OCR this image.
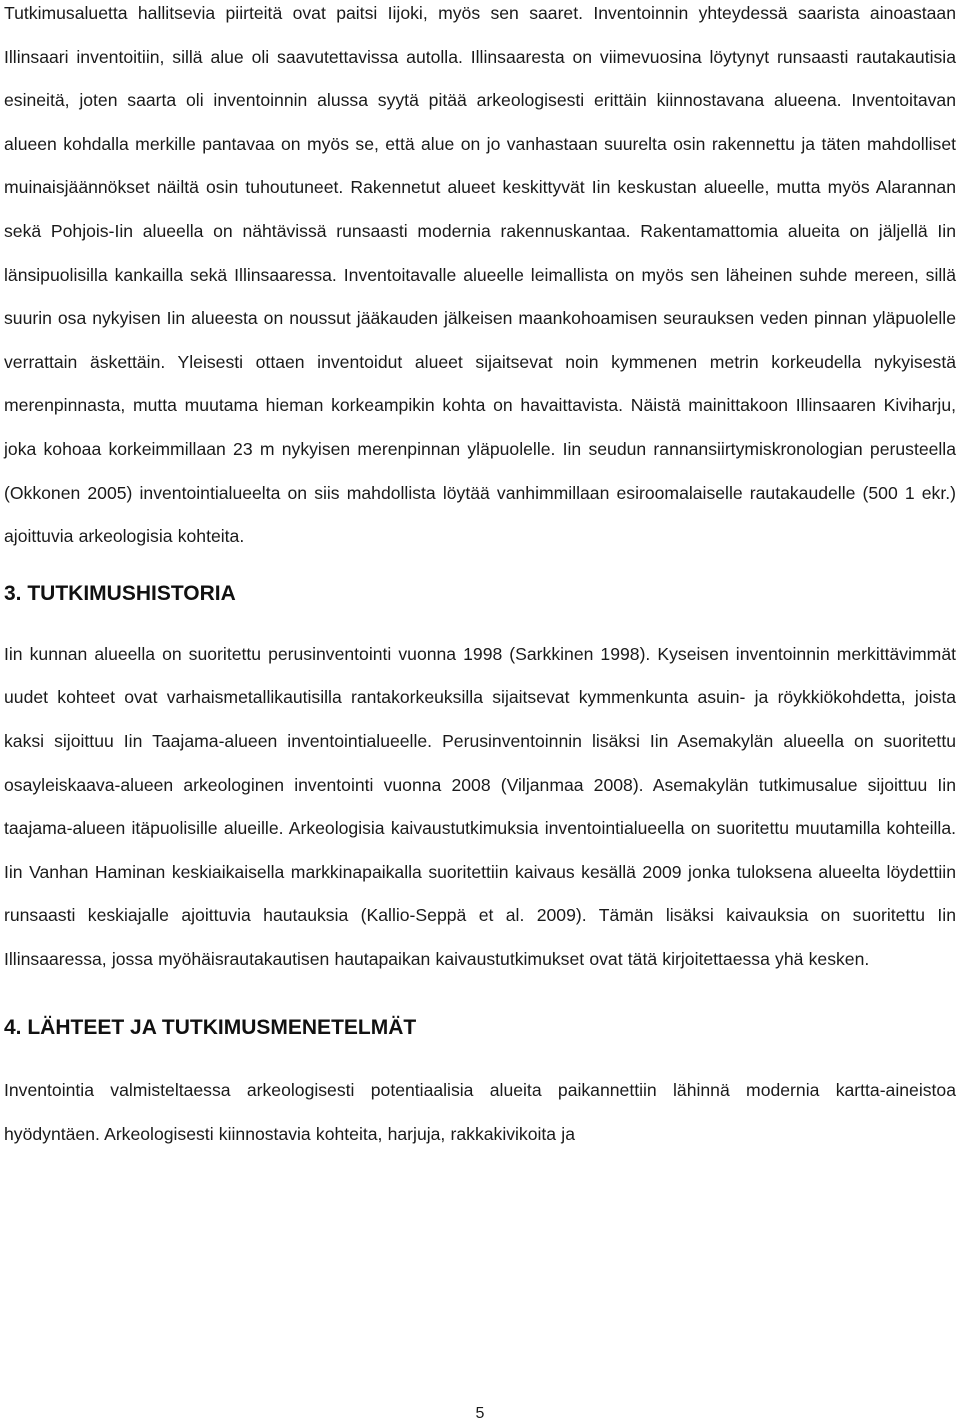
Tutkimusaluetta hallitsevia piirteitä ovat paitsi Iijoki, myös sen saaret. Inventoinnin yhteydessä saarista ainoastaan Illinsaari inventoitiin, sillä alue oli saavutettavissa autolla. Illinsaaresta on viimevuosina löytynyt runsaasti rautakautisia esineitä, joten saarta oli inventoinnin alussa syytä pitää arkeologisesti erittäin kiinnostavana alueena. Inventoitavan alueen kohdalla merkille pantavaa on myös se, että alue on jo vanhastaan suurelta osin rakennettu ja täten mahdolliset muinaisjäännökset näiltä osin tuhoutuneet. Rakennetut alueet keskittyvät Iin keskustan alueelle, mutta myös Alarannan sekä Pohjois-Iin alueella on nähtävissä runsaasti modernia rakennuskantaa. Rakentamattomia alueita on jäljellä Iin länsipuolisilla kankailla sekä Illinsaaressa. Inventoitavalle alueelle leimallista on myös sen läheinen suhde mereen, sillä suurin osa nykyisen Iin alueesta on noussut jääkauden jälkeisen maankohoamisen seurauksen veden pinnan yläpuolelle verrattain äskettäin. Yleisesti ottaen inventoidut alueet sijaitsevat noin kymmenen metrin korkeudella nykyisestä merenpinnasta, mutta muutama hieman korkeampikin kohta on havaittavista. Näistä mainittakoon Illinsaaren Kiviharju, joka kohoaa korkeimmillaan 23 m nykyisen merenpinnan yläpuolelle. Iin seudun rannansiirtymiskronologian perusteella (Okkonen 2005) inventointialueelta on siis mahdollista löytää vanhimmillaan esiroomalaiselle rautakaudelle (500 1 ekr.) ajoittuvia arkeologisia kohteita.

3. TUTKIMUSHISTORIA

Iin kunnan alueella on suoritettu perusinventointi vuonna 1998 (Sarkkinen 1998). Kyseisen inventoinnin merkittävimmät uudet kohteet ovat varhaismetallikautisilla rantakorkeuksilla sijaitsevat kymmenkunta asuin- ja röykkiökohdetta, joista kaksi sijoittuu Iin Taajama-alueen inventointialueelle. Perusinventoinnin lisäksi Iin Asemakylän alueella on suoritettu osayleiskaava-alueen arkeologinen inventointi vuonna 2008 (Viljanmaa 2008). Asemakylän tutkimusalue sijoittuu Iin taajama-alueen itäpuolisille alueille. Arkeologisia kaivaustutkimuksia inventointialueella on suoritettu muutamilla kohteilla. Iin Vanhan Haminan keskiaikaisella markkinapaikalla suoritettiin kaivaus kesällä 2009 jonka tuloksena alueelta löydettiin runsaasti keskiajalle ajoittuvia hautauksia (Kallio-Seppä et al. 2009). Tämän lisäksi kaivauksia on suoritettu Iin Illinsaaressa, jossa myöhäisrautakautisen hautapaikan kaivaustutkimukset ovat tätä kirjoitettaessa yhä kesken.

4. LÄHTEET JA TUTKIMUSMENETELMÄT

Inventointia valmisteltaessa arkeologisesti potentiaalisia alueita paikannettiin lähinnä modernia kartta-aineistoa hyödyntäen. Arkeologisesti kiinnostavia kohteita, harjuja, rakkakivikoita ja

5
